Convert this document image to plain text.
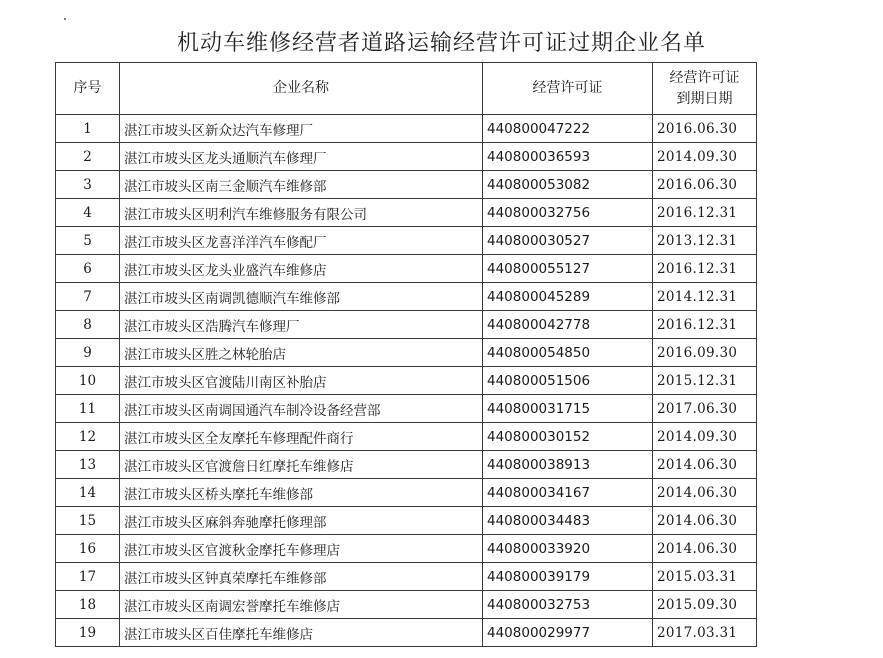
机动车维修经营者道路运输经营许可证过期企业名单
序号	企业名称	经营许可证	经营许可证
到期日期
1	湛江市坡头区新众达汽车修理厂	440800047222	2016.06.30
2	湛江市坡头区龙头通顺汽车修理厂	440800036593	2014.09.30
3	湛江市坡头区南三金顺汽车维修部	440800053082	2016.06.30
4	湛江市坡头区明利汽车维修服务有限公司	440800032756	2016.12.31
5	湛江市坡头区龙喜洋洋汽车修配厂	440800030527	2013.12.31
6	湛江市坡头区龙头业盛汽车维修店	440800055127	2016.12.31
7	湛江市坡头区南调凯德顺汽车维修部	440800045289	2014.12.31
8	湛江市坡头区浩腾汽车修理厂	440800042778	2016.12.31
9	湛江市坡头区胜之林轮胎店	440800054850	2016.09.30
10	湛江市坡头区官渡陆川南区补胎店	440800051506	2015.12.31
11	湛江市坡头区南调国通汽车制冷设备经营部	440800031715	2017.06.30
12	湛江市坡头区全友摩托车修理配件商行	440800030152	2014.09.30
13	湛江市坡头区官渡詹日红摩托车维修店	440800038913	2014.06.30
14	湛江市坡头区桥头摩托车维修部	440800034167	2014.06.30
15	湛江市坡头区麻斜奔驰摩托修理部	440800034483	2014.06.30
16	湛江市坡头区官渡秋金摩托车修理店	440800033920	2014.06.30
17	湛江市坡头区钟真荣摩托车维修部	440800039179	2015.03.31
18	湛江市坡头区南调宏誉摩托车维修店	440800032753	2015.09.30
19	湛江市坡头区百佳摩托车维修店	440800029977	2017.03.31
